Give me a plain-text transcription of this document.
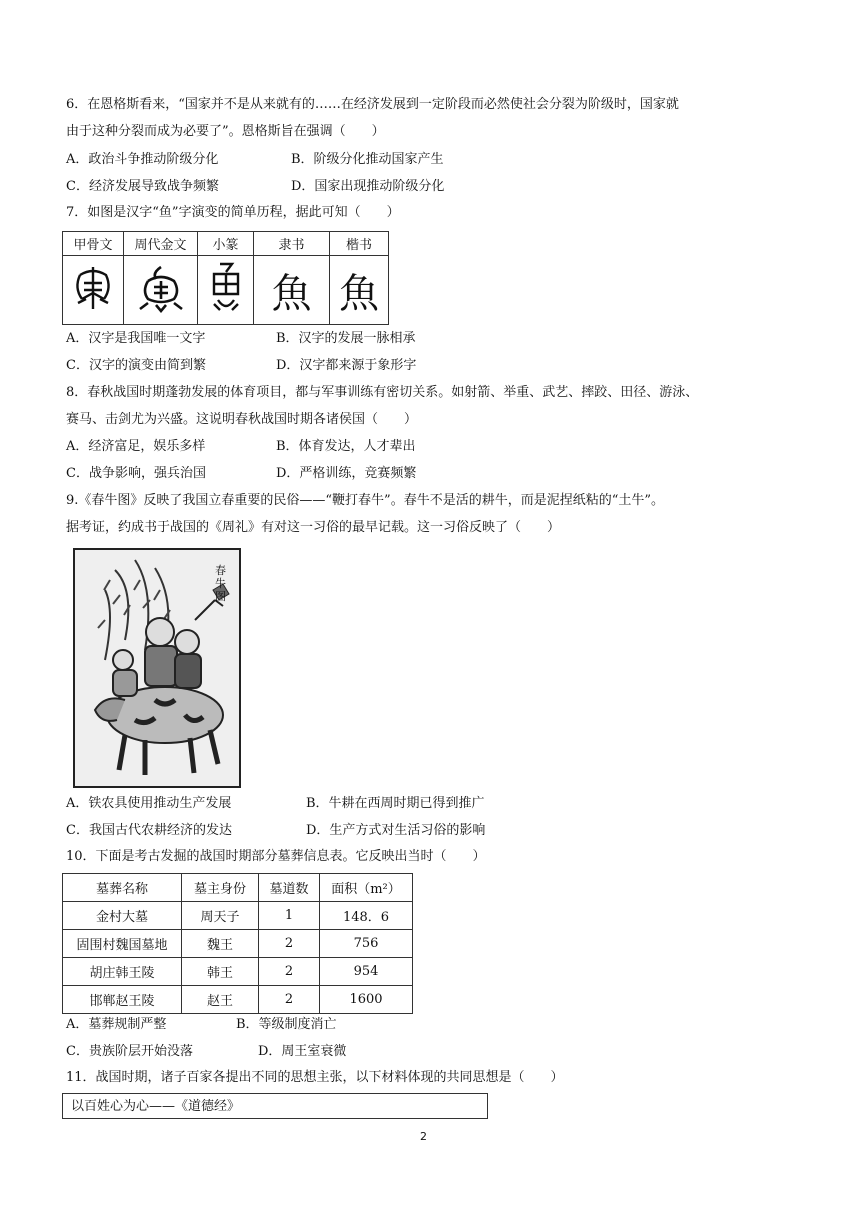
6．在恩格斯看来，“国家并不是从来就有的……在经济发展到一定阶段而必然使社会分裂为阶级时，国家就
由于这种分裂而成为必要了”。恩格斯旨在强调（　　）
A．政治斗争推动阶级分化	B．阶级分化推动国家产生
C．经济发展导致战争频繁	D．国家出现推动阶级分化
7．如图是汉字“鱼”字演变的简单历程，据此可知（　　）
甲骨文	周代金文	小篆	隶书	楷书
			魚	魚
A．汉字是我国唯一文字	B．汉字的发展一脉相承
C．汉字的演变由简到繁	D．汉字都来源于象形字
8．春秋战国时期蓬勃发展的体育项目，都与军事训练有密切关系。如射箭、举重、武艺、摔跤、田径、游泳、
赛马、击剑尤为兴盛。这说明春秋战国时期各诸侯国（　　）
A．经济富足，娱乐多样	B．体育发达，人才辈出
C．战争影响，强兵治国	D．严格训练，竞赛频繁
9.《春牛图》反映了我国立春重要的民俗——“鞭打春牛”。春牛不是活的耕牛，而是泥捏纸粘的“土牛”。
据考证，约成书于战国的《周礼》有对这一习俗的最早记载。这一习俗反映了（　　）
春牛图
A．铁农具使用推动生产发展	B．牛耕在西周时期已得到推广
C．我国古代农耕经济的发达	D．生产方式对生活习俗的影响
10．下面是考古发掘的战国时期部分墓葬信息表。它反映出当时（　　）
墓葬名称	墓主身份	墓道数	面积（m²）
金村大墓	周天子	1	148．6
固围村魏国墓地	魏王	2	756
胡庄韩王陵	韩王	2	954
邯郸赵王陵	赵王	2	1600
A．墓葬规制严整	B．等级制度消亡
C．贵族阶层开始没落	D．周王室衰微
11．战国时期，诸子百家各提出不同的思想主张，以下材料体现的共同思想是（　　）
以百姓心为心——《道德经》
2
